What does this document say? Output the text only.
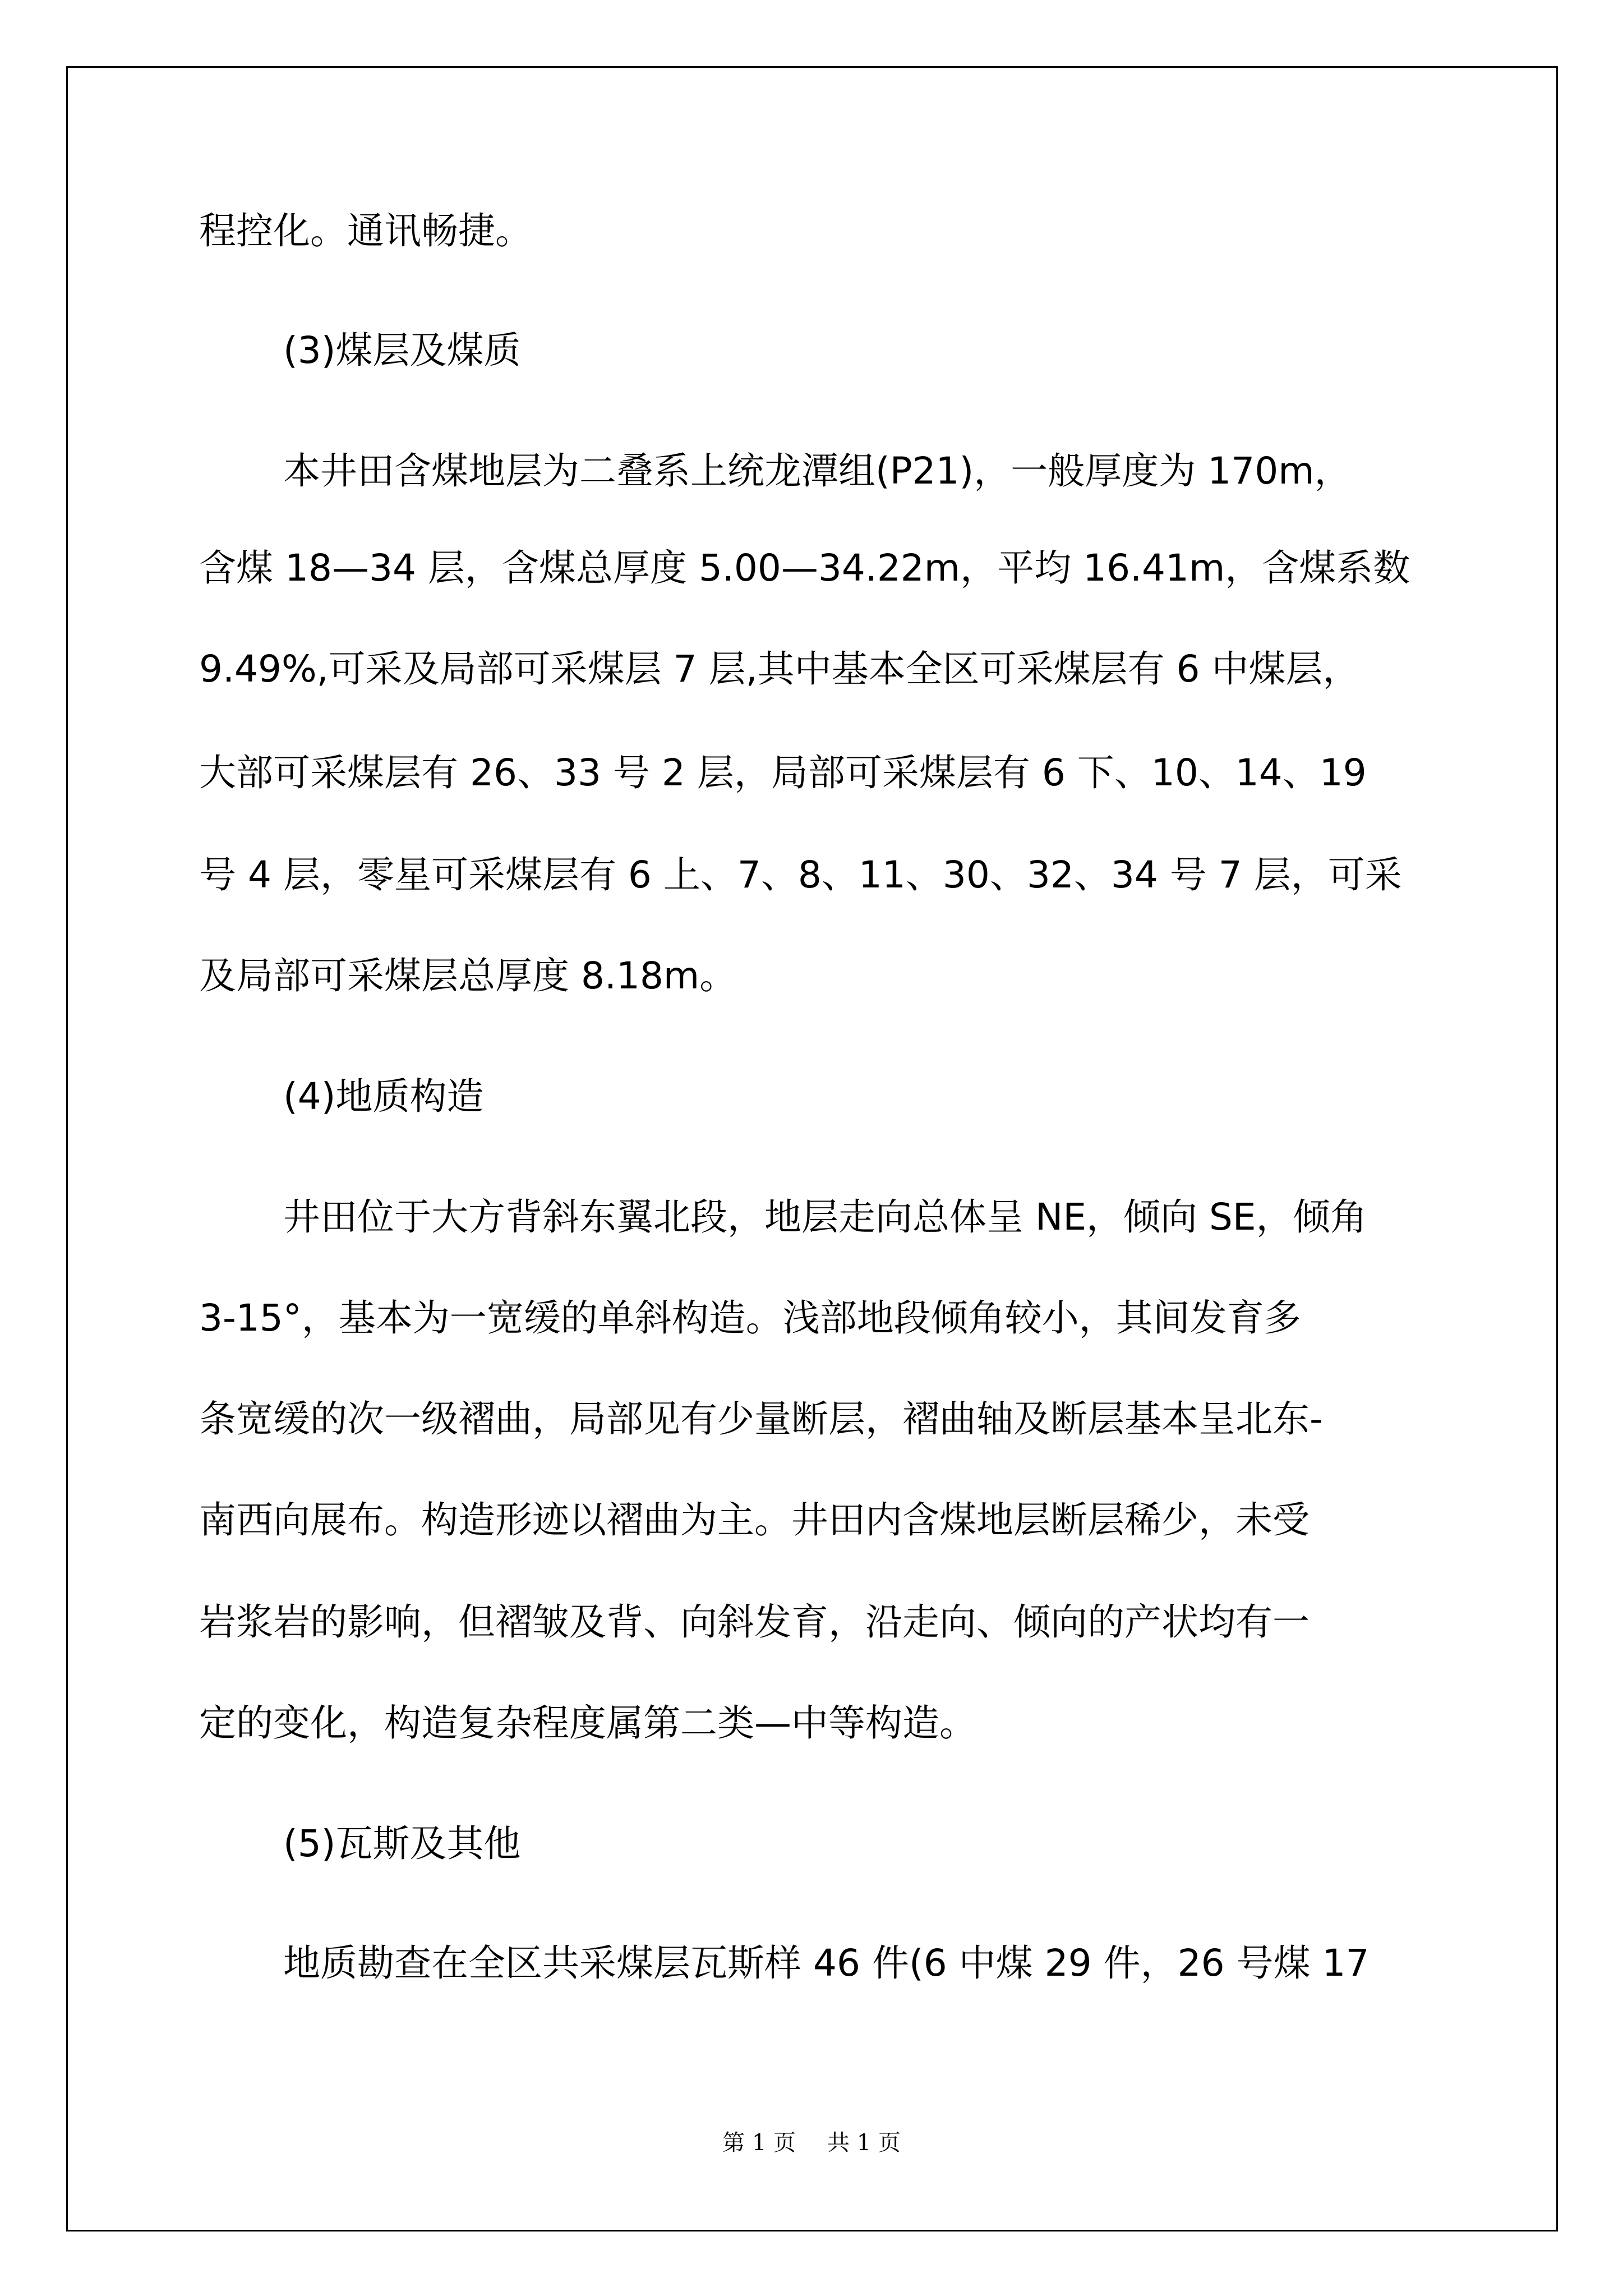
程控化。通讯畅捷。

(3)煤层及煤质

本井田含煤地层为二叠系上统龙潭组(P21)，一般厚度为 170m，

含煤 18—34 层，含煤总厚度 5.00—34.22m，平均 16.41m，含煤系数

9.49%,可采及局部可采煤层 7 层,其中基本全区可采煤层有 6 中煤层，

大部可采煤层有 26、33 号 2 层，局部可采煤层有 6 下、10、14、19

号 4 层，零星可采煤层有 6 上、7、8、11、30、32、34 号 7 层，可采

及局部可采煤层总厚度 8.18m。

(4)地质构造

井田位于大方背斜东翼北段，地层走向总体呈 NE，倾向 SE，倾角

3-15°，基本为一宽缓的单斜构造。浅部地段倾角较小，其间发育多

条宽缓的次一级褶曲，局部见有少量断层，褶曲轴及断层基本呈北东-

南西向展布。构造形迹以褶曲为主。井田内含煤地层断层稀少，未受

岩浆岩的影响，但褶皱及背、向斜发育，沿走向、倾向的产状均有一

定的变化，构造复杂程度属第二类—中等构造。

(5)瓦斯及其他

地质勘查在全区共采煤层瓦斯样 46 件(6 中煤 29 件，26 号煤 17

第 1 页 共 1 页
